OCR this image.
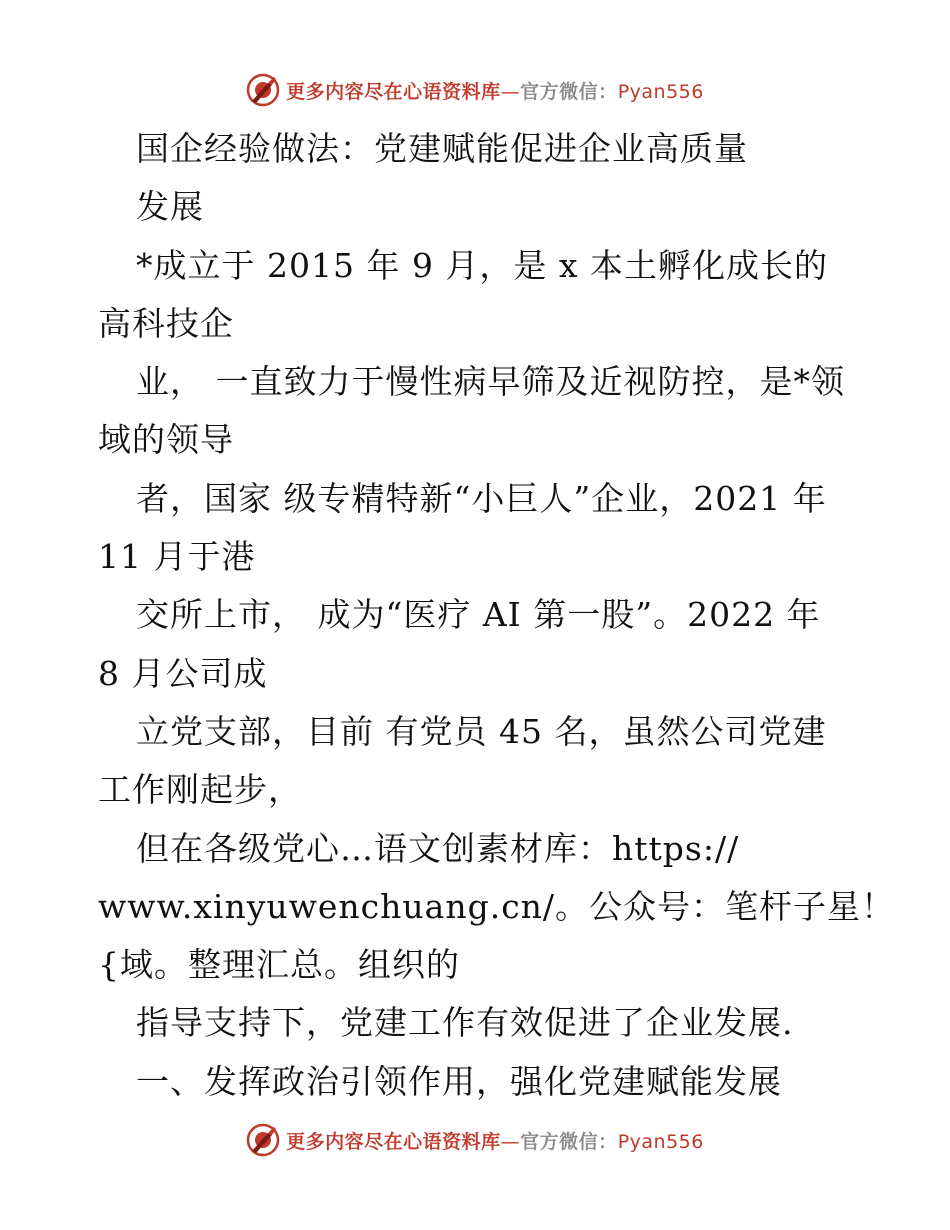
更多内容尽在心语资料库—官方微信：Pyan556
国企经验做法：党建赋能促进企业高质量
发展
*成立于 2015 年 9 月，是 x 本土孵化成长的
高科技企
业， 一直致力于慢性病早筛及近视防控，是*领
域的领导
者，国家 级专精特新“小巨人”企业，2021 年
11 月于港
交所上市， 成为“医疗 AI 第一股”。2022 年
8 月公司成
立党支部，目前 有党员 45 名，虽然公司党建
工作刚起步，
但在各级党心…语文创素材库：https://
www.xinyuwenchuang.cn/。公众号：笔杆子星！
{域。整理汇总。组织的
指导支持下，党建工作有效促进了企业发展.
一、发挥政治引领作用，强化党建赋能发展
更多内容尽在心语资料库—官方微信：Pyan556
